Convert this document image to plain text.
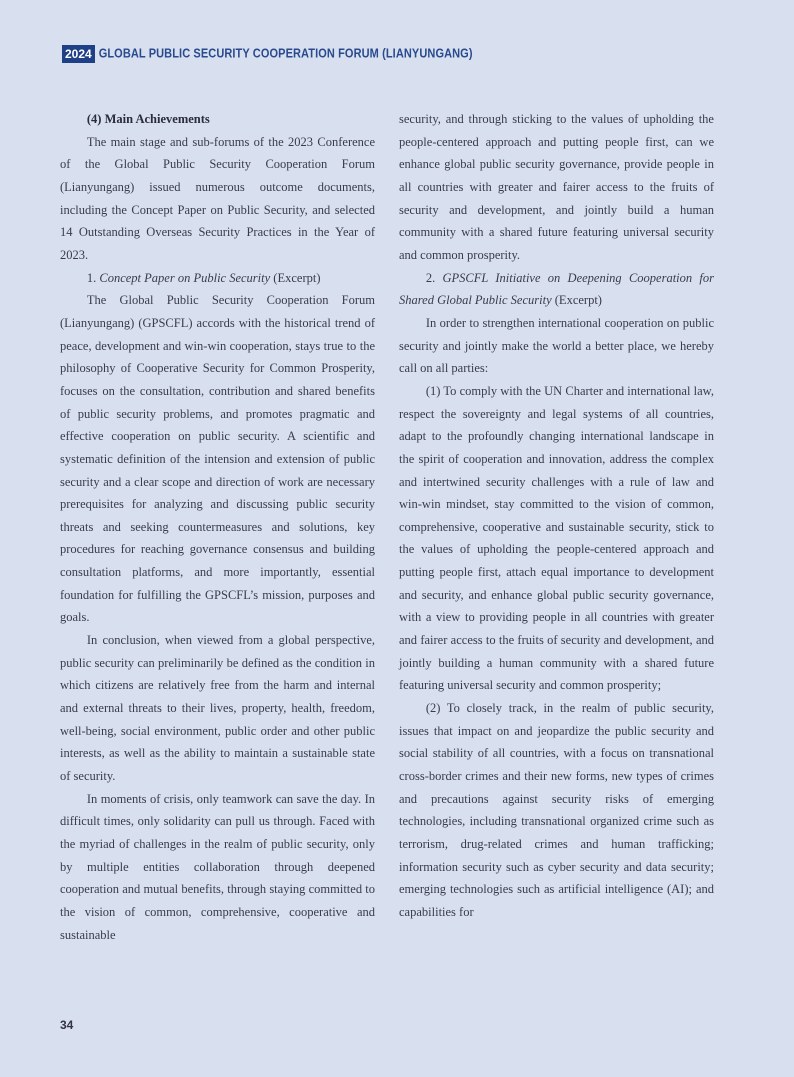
2024 GLOBAL PUBLIC SECURITY COOPERATION FORUM (LIANYUNGANG)

(4) Main Achievements

The main stage and sub-forums of the 2023 Conference of the Global Public Security Cooperation Forum (Lianyungang) issued numerous outcome documents, including the Concept Paper on Public Security, and selected 14 Outstanding Overseas Security Practices in the Year of 2023.

1. Concept Paper on Public Security (Excerpt)

The Global Public Security Cooperation Forum (Lianyungang) (GPSCFL) accords with the historical trend of peace, development and win-win cooperation, stays true to the philosophy of Cooperative Security for Common Prosperity, focuses on the consultation, contribution and shared benefits of public security problems, and promotes pragmatic and effective cooperation on public security. A scientific and systematic definition of the intension and extension of public security and a clear scope and direction of work are necessary prerequisites for analyzing and discussing public security threats and seeking countermeasures and solutions, key procedures for reaching governance consensus and building consultation platforms, and more importantly, essential foundation for fulfilling the GPSCFL’s mission, purposes and goals.

In conclusion, when viewed from a global perspective, public security can preliminarily be defined as the condition in which citizens are relatively free from the harm and internal and external threats to their lives, property, health, freedom, well-being, social environment, public order and other public interests, as well as the ability to maintain a sustainable state of security.

In moments of crisis, only teamwork can save the day. In difficult times, only solidarity can pull us through. Faced with the myriad of challenges in the realm of public security, only by multiple entities collaboration through deepened cooperation and mutual benefits, through staying committed to the vision of common, comprehensive, cooperative and sustainable

security, and through sticking to the values of upholding the people-centered approach and putting people first, can we enhance global public security governance, provide people in all countries with greater and fairer access to the fruits of security and development, and jointly build a human community with a shared future featuring universal security and common prosperity.

2. GPSCFL Initiative on Deepening Cooperation for Shared Global Public Security (Excerpt)

In order to strengthen international cooperation on public security and jointly make the world a better place, we hereby call on all parties:

(1) To comply with the UN Charter and international law, respect the sovereignty and legal systems of all countries, adapt to the profoundly changing international landscape in the spirit of cooperation and innovation, address the complex and intertwined security challenges with a rule of law and win-win mindset, stay committed to the vision of common, comprehensive, cooperative and sustainable security, stick to the values of upholding the people-centered approach and putting people first, attach equal importance to development and security, and enhance global public security governance, with a view to providing people in all countries with greater and fairer access to the fruits of security and development, and jointly building a human community with a shared future featuring universal security and common prosperity;

(2) To closely track, in the realm of public security, issues that impact on and jeopardize the public security and social stability of all countries, with a focus on transnational cross-border crimes and their new forms, new types of crimes and precautions against security risks of emerging technologies, including transnational organized crime such as terrorism, drug-related crimes and human trafficking; information security such as cyber security and data security; emerging technologies such as artificial intelligence (AI); and capabilities for

34
